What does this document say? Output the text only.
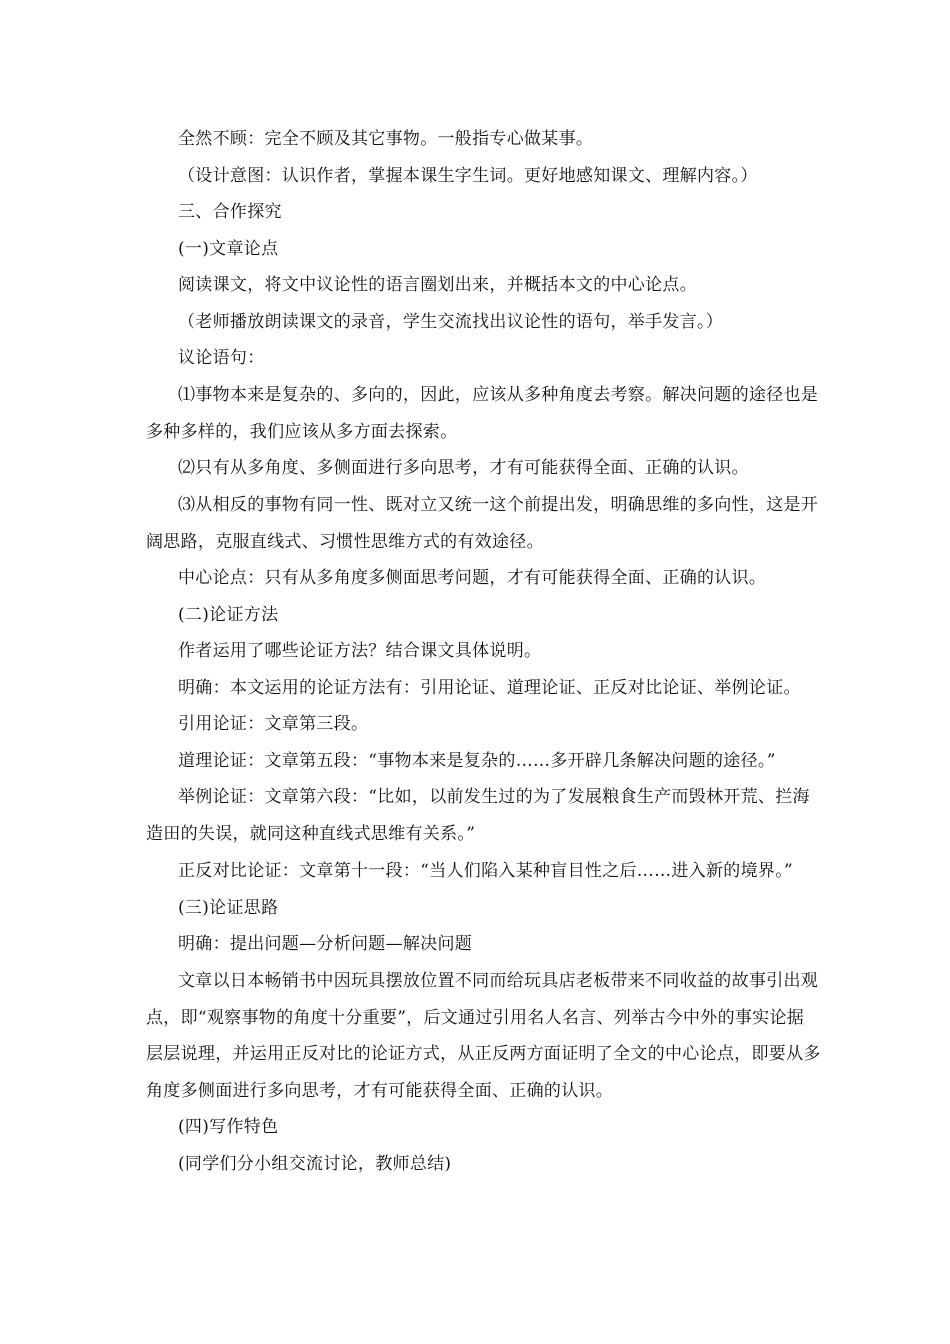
全然不顾：完全不顾及其它事物。一般指专心做某事。
（设计意图：认识作者，掌握本课生字生词。更好地感知课文、理解内容。）
三、合作探究
(一)文章论点
阅读课文，将文中议论性的语言圈划出来，并概括本文的中心论点。
（老师播放朗读课文的录音，学生交流找出议论性的语句，举手发言。）
议论语句：
⑴事物本来是复杂的、多向的，因此，应该从多种角度去考察。解决问题的途径也是
多种多样的，我们应该从多方面去探索。
⑵只有从多角度、多侧面进行多向思考，才有可能获得全面、正确的认识。
⑶从相反的事物有同一性、既对立又统一这个前提出发，明确思维的多向性，这是开
阔思路，克服直线式、习惯性思维方式的有效途径。
中心论点：只有从多角度多侧面思考问题，才有可能获得全面、正确的认识。
(二)论证方法
作者运用了哪些论证方法？结合课文具体说明。
明确：本文运用的论证方法有：引用论证、道理论证、正反对比论证、举例论证。
引用论证：文章第三段。
道理论证：文章第五段：“事物本来是复杂的……多开辟几条解决问题的途径。”
举例论证：文章第六段：“比如，以前发生过的为了发展粮食生产而毁林开荒、拦海
造田的失误，就同这种直线式思维有关系。”
正反对比论证：文章第十一段：“当人们陷入某种盲目性之后……进入新的境界。”
(三)论证思路
明确：提出问题—分析问题—解决问题
文章以日本畅销书中因玩具摆放位置不同而给玩具店老板带来不同收益的故事引出观
点，即“观察事物的角度十分重要”，后文通过引用名人名言、列举古今中外的事实论据
层层说理，并运用正反对比的论证方式，从正反两方面证明了全文的中心论点，即要从多
角度多侧面进行多向思考，才有可能获得全面、正确的认识。
(四)写作特色
(同学们分小组交流讨论，教师总结)
